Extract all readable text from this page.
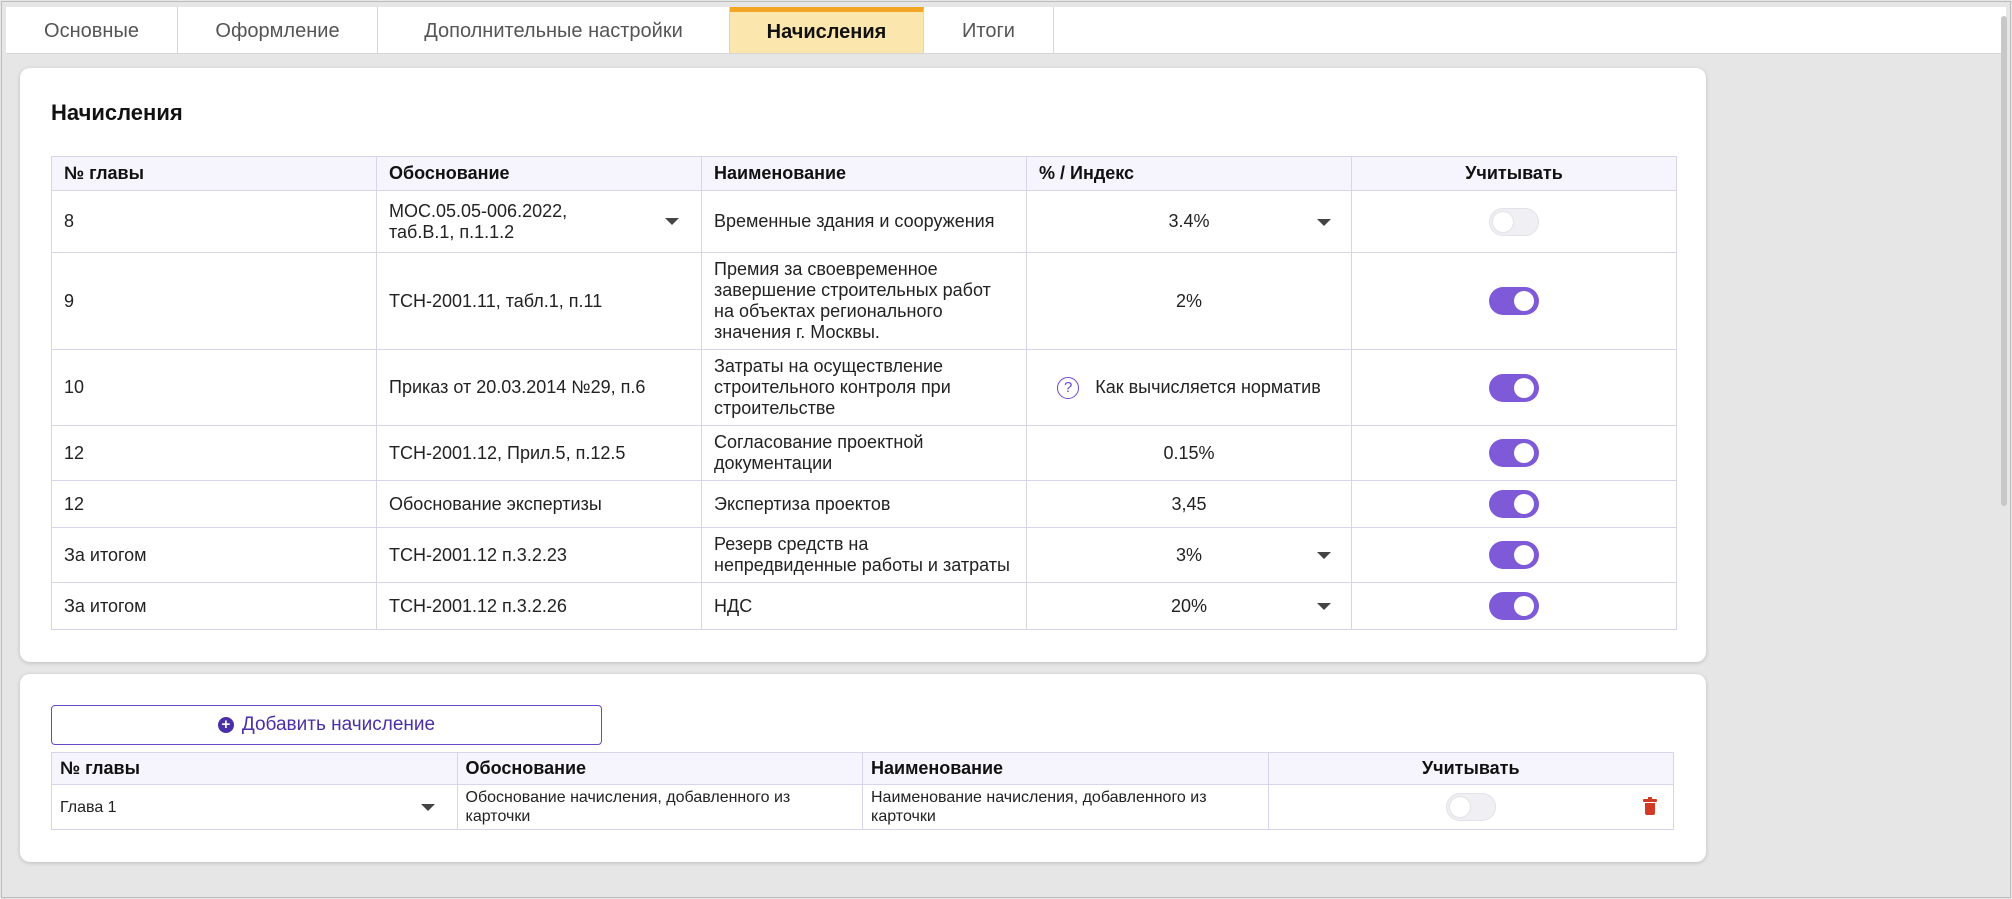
Основные	Оформление	Дополнительные настройки	Начисления	Итоги
Начисления
№ главы	Обоснование	Наименование	% / Индекс	Учитывать
8	МОС.05.05-006.2022, таб.В.1, п.1.1.2	Временные здания и сооружения	3.4%

9	ТСН-2001.11, табл.1, п.11	Премия за своевременное завершение строительных работ на объектах регионального значения г. Москвы.	2%	

10	Приказ от 20.03.2014 №29, п.6	Затраты на осуществление строительного контроля при строительстве	? Как вычисляется норматив	

12	ТСН-2001.12, Прил.5, п.12.5	Согласование проектной документации	0.15%	

12	Обоснование экспертизы	Экспертиза проектов	3,45	

За итогом	ТСН-2001.12 п.3.2.23	Резерв средств на непредвиденные работы и затраты	3%

За итогом	ТСН-2001.12 п.3.2.26	НДС	20%

+ Добавить начисление
№ главы	Обоснование	Наименование	Учитывать

Глава 1	Обоснование начисления, добавленного из карточки	Наименование начисления, добавленного из карточки	
